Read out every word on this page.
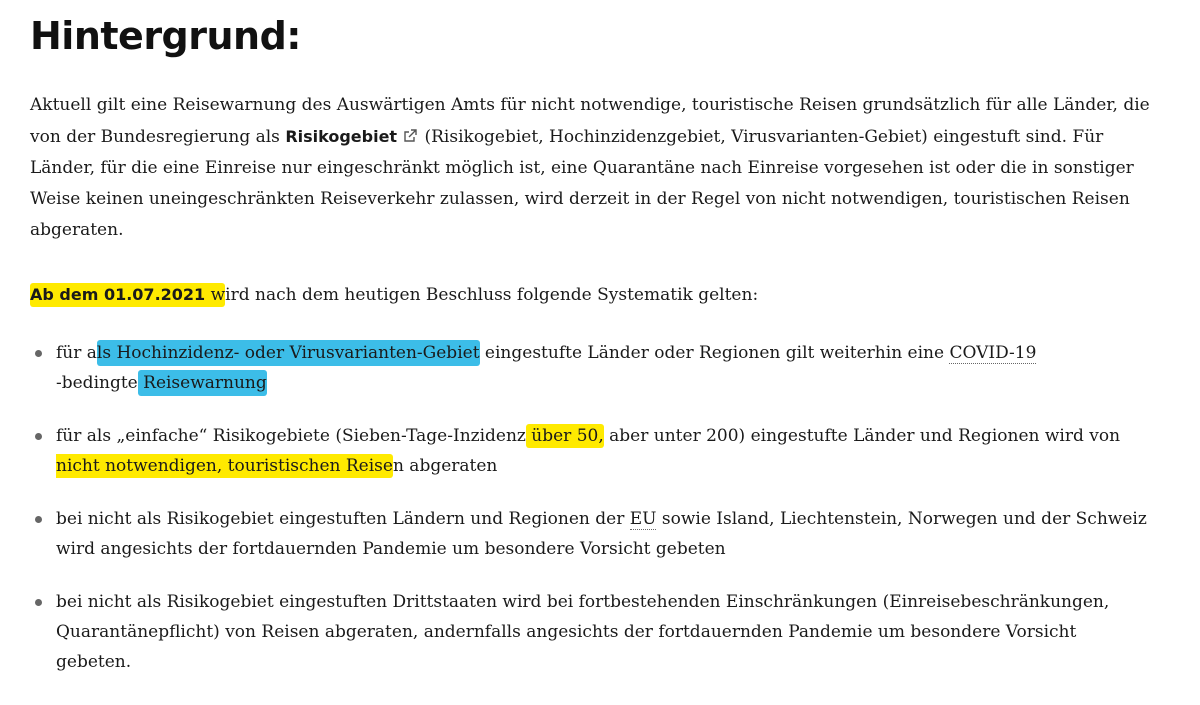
Hintergrund:

Aktuell gilt eine Reisewarnung des Auswärtigen Amts für nicht notwendige, touristische Reisen grundsätzlich für alle Länder, die von der Bundesregierung als Risikogebiet (Risikogebiet, Hochinzidenzgebiet, Virusvarianten-Gebiet) eingestuft sind. Für Länder, für die eine Einreise nur eingeschränkt möglich ist, eine Quarantäne nach Einreise vorgesehen ist oder die in sonstiger Weise keinen uneingeschränkten Reiseverkehr zulassen, wird derzeit in der Regel von nicht notwendigen, touristischen Reisen abgeraten.

Ab dem 01.07.2021 wird nach dem heutigen Beschluss folgende Systematik gelten:

für als Hochinzidenz- oder Virusvarianten-Gebiet eingestufte Länder oder Regionen gilt weiterhin eine COVID-19
-bedingte Reisewarnung
für als „einfache“ Risikogebiete (Sieben-Tage-Inzidenz über 50, aber unter 200) eingestufte Länder und Regionen wird von nicht notwendigen, touristischen Reisen abgeraten
bei nicht als Risikogebiet eingestuften Ländern und Regionen der EU sowie Island, Liechtenstein, Norwegen und der Schweiz wird angesichts der fortdauernden Pandemie um besondere Vorsicht gebeten
bei nicht als Risikogebiet eingestuften Drittstaaten wird bei fortbestehenden Einschränkungen (Einreisebeschränkungen, Quarantänepflicht) von Reisen abgeraten, andernfalls angesichts der fortdauernden Pandemie um besondere Vorsicht gebeten.
